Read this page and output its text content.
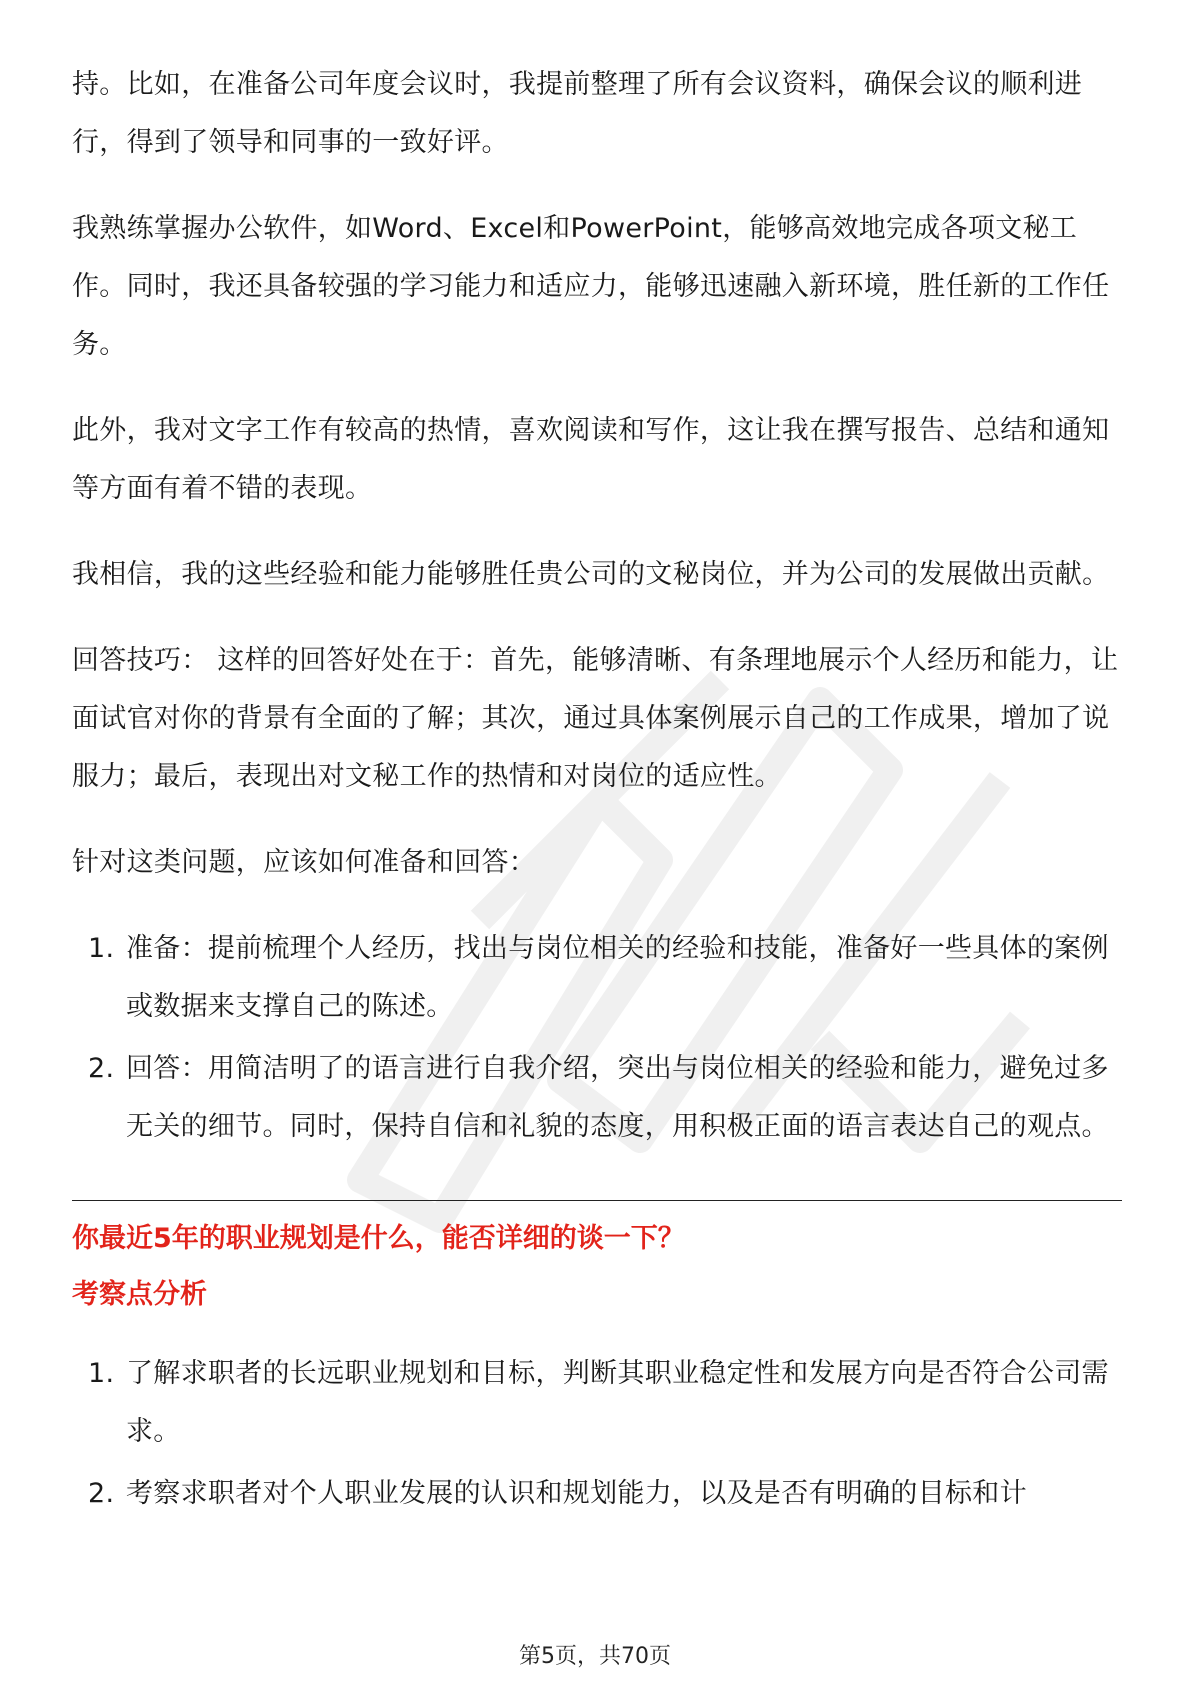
持。比如，在准备公司年度会议时，我提前整理了所有会议资料，确保会议的顺利进行，得到了领导和同事的一致好评。

我熟练掌握办公软件，如Word、Excel和PowerPoint，能够高效地完成各项文秘工作。同时，我还具备较强的学习能力和适应力，能够迅速融入新环境，胜任新的工作任务。

此外，我对文字工作有较高的热情，喜欢阅读和写作，这让我在撰写报告、总结和通知等方面有着不错的表现。

我相信，我的这些经验和能力能够胜任贵公司的文秘岗位，并为公司的发展做出贡献。

回答技巧： 这样的回答好处在于：首先，能够清晰、有条理地展示个人经历和能力，让面试官对你的背景有全面的了解；其次，通过具体案例展示自己的工作成果，增加了说服力；最后，表现出对文秘工作的热情和对岗位的适应性。

针对这类问题，应该如何准备和回答：

1. 准备：提前梳理个人经历，找出与岗位相关的经验和技能，准备好一些具体的案例或数据来支撑自己的陈述。
2. 回答：用简洁明了的语言进行自我介绍，突出与岗位相关的经验和能力，避免过多无关的细节。同时，保持自信和礼貌的态度，用积极正面的语言表达自己的观点。

你最近5年的职业规划是什么，能否详细的谈一下？

考察点分析

1. 了解求职者的长远职业规划和目标，判断其职业稳定性和发展方向是否符合公司需求。
2. 考察求职者对个人职业发展的认识和规划能力，以及是否有明确的目标和计
第5页，共70页
